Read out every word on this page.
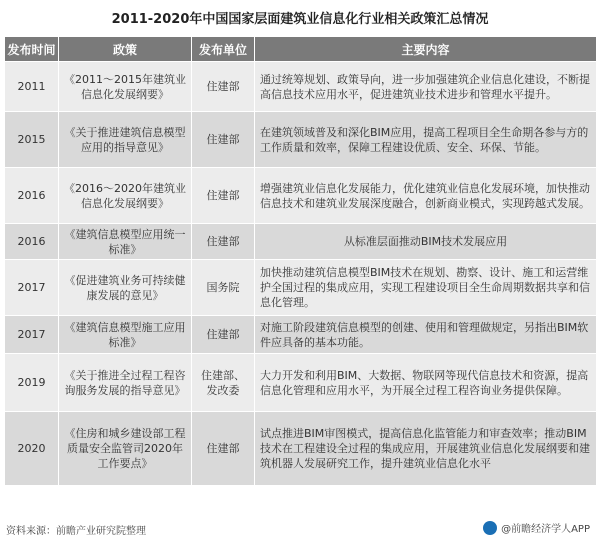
2011-2020年中国国家层面建筑业信息化行业相关政策汇总情况
发布时间	政策	发布单位	主要内容
2011	《2011～2015年建筑业信息化发展纲要》	住建部	通过统筹规划、政策导向，进一步加强建筑企业信息化建设，不断提高信息技术应用水平，促进建筑业技术进步和管理水平提升。
2015	《关于推进建筑信息模型应用的指导意见》	住建部	在建筑领域普及和深化BIM应用，提高工程项目全生命期各参与方的工作质量和效率，保障工程建设优质、安全、环保、节能。
2016	《2016～2020年建筑业信息化发展纲要》	住建部	增强建筑业信息化发展能力，优化建筑业信息化发展环境，加快推动信息技术和建筑业发展深度融合，创新商业模式，实现跨越式发展。
2016	《建筑信息模型应用统一标准》	住建部	从标准层面推动BIM技术发展应用
2017	《促进建筑业务可持续健康发展的意见》	国务院	加快推动建筑信息模型BIM技术在规划、勘察、设计、施工和运营维护全国过程的集成应用，实现工程建设项目全生命周期数据共享和信息化管理。
2017	《建筑信息模型施工应用标准》	住建部	对施工阶段建筑信息模型的创建、使用和管理做规定，另指出BIM软件应具备的基本功能。
2019	《关于推进全过程工程咨询服务发展的指导意见》	住建部、发改委	大力开发和利用BIM、大数据、物联网等现代信息技术和资源，提高信息化管理和应用水平，为开展全过程工程咨询业务提供保障。
2020	《住房和城乡建设部工程质量安全监管司2020年工作要点》	住建部	试点推进BIM审图模式，提高信息化监管能力和审查效率；推动BIM技术在工程建设全过程的集成应用，开展建筑业信息化发展纲要和建筑机器人发展研究工作，提升建筑业信息化水平
资料来源：前瞻产业研究院整理	@前瞻经济学人APP
